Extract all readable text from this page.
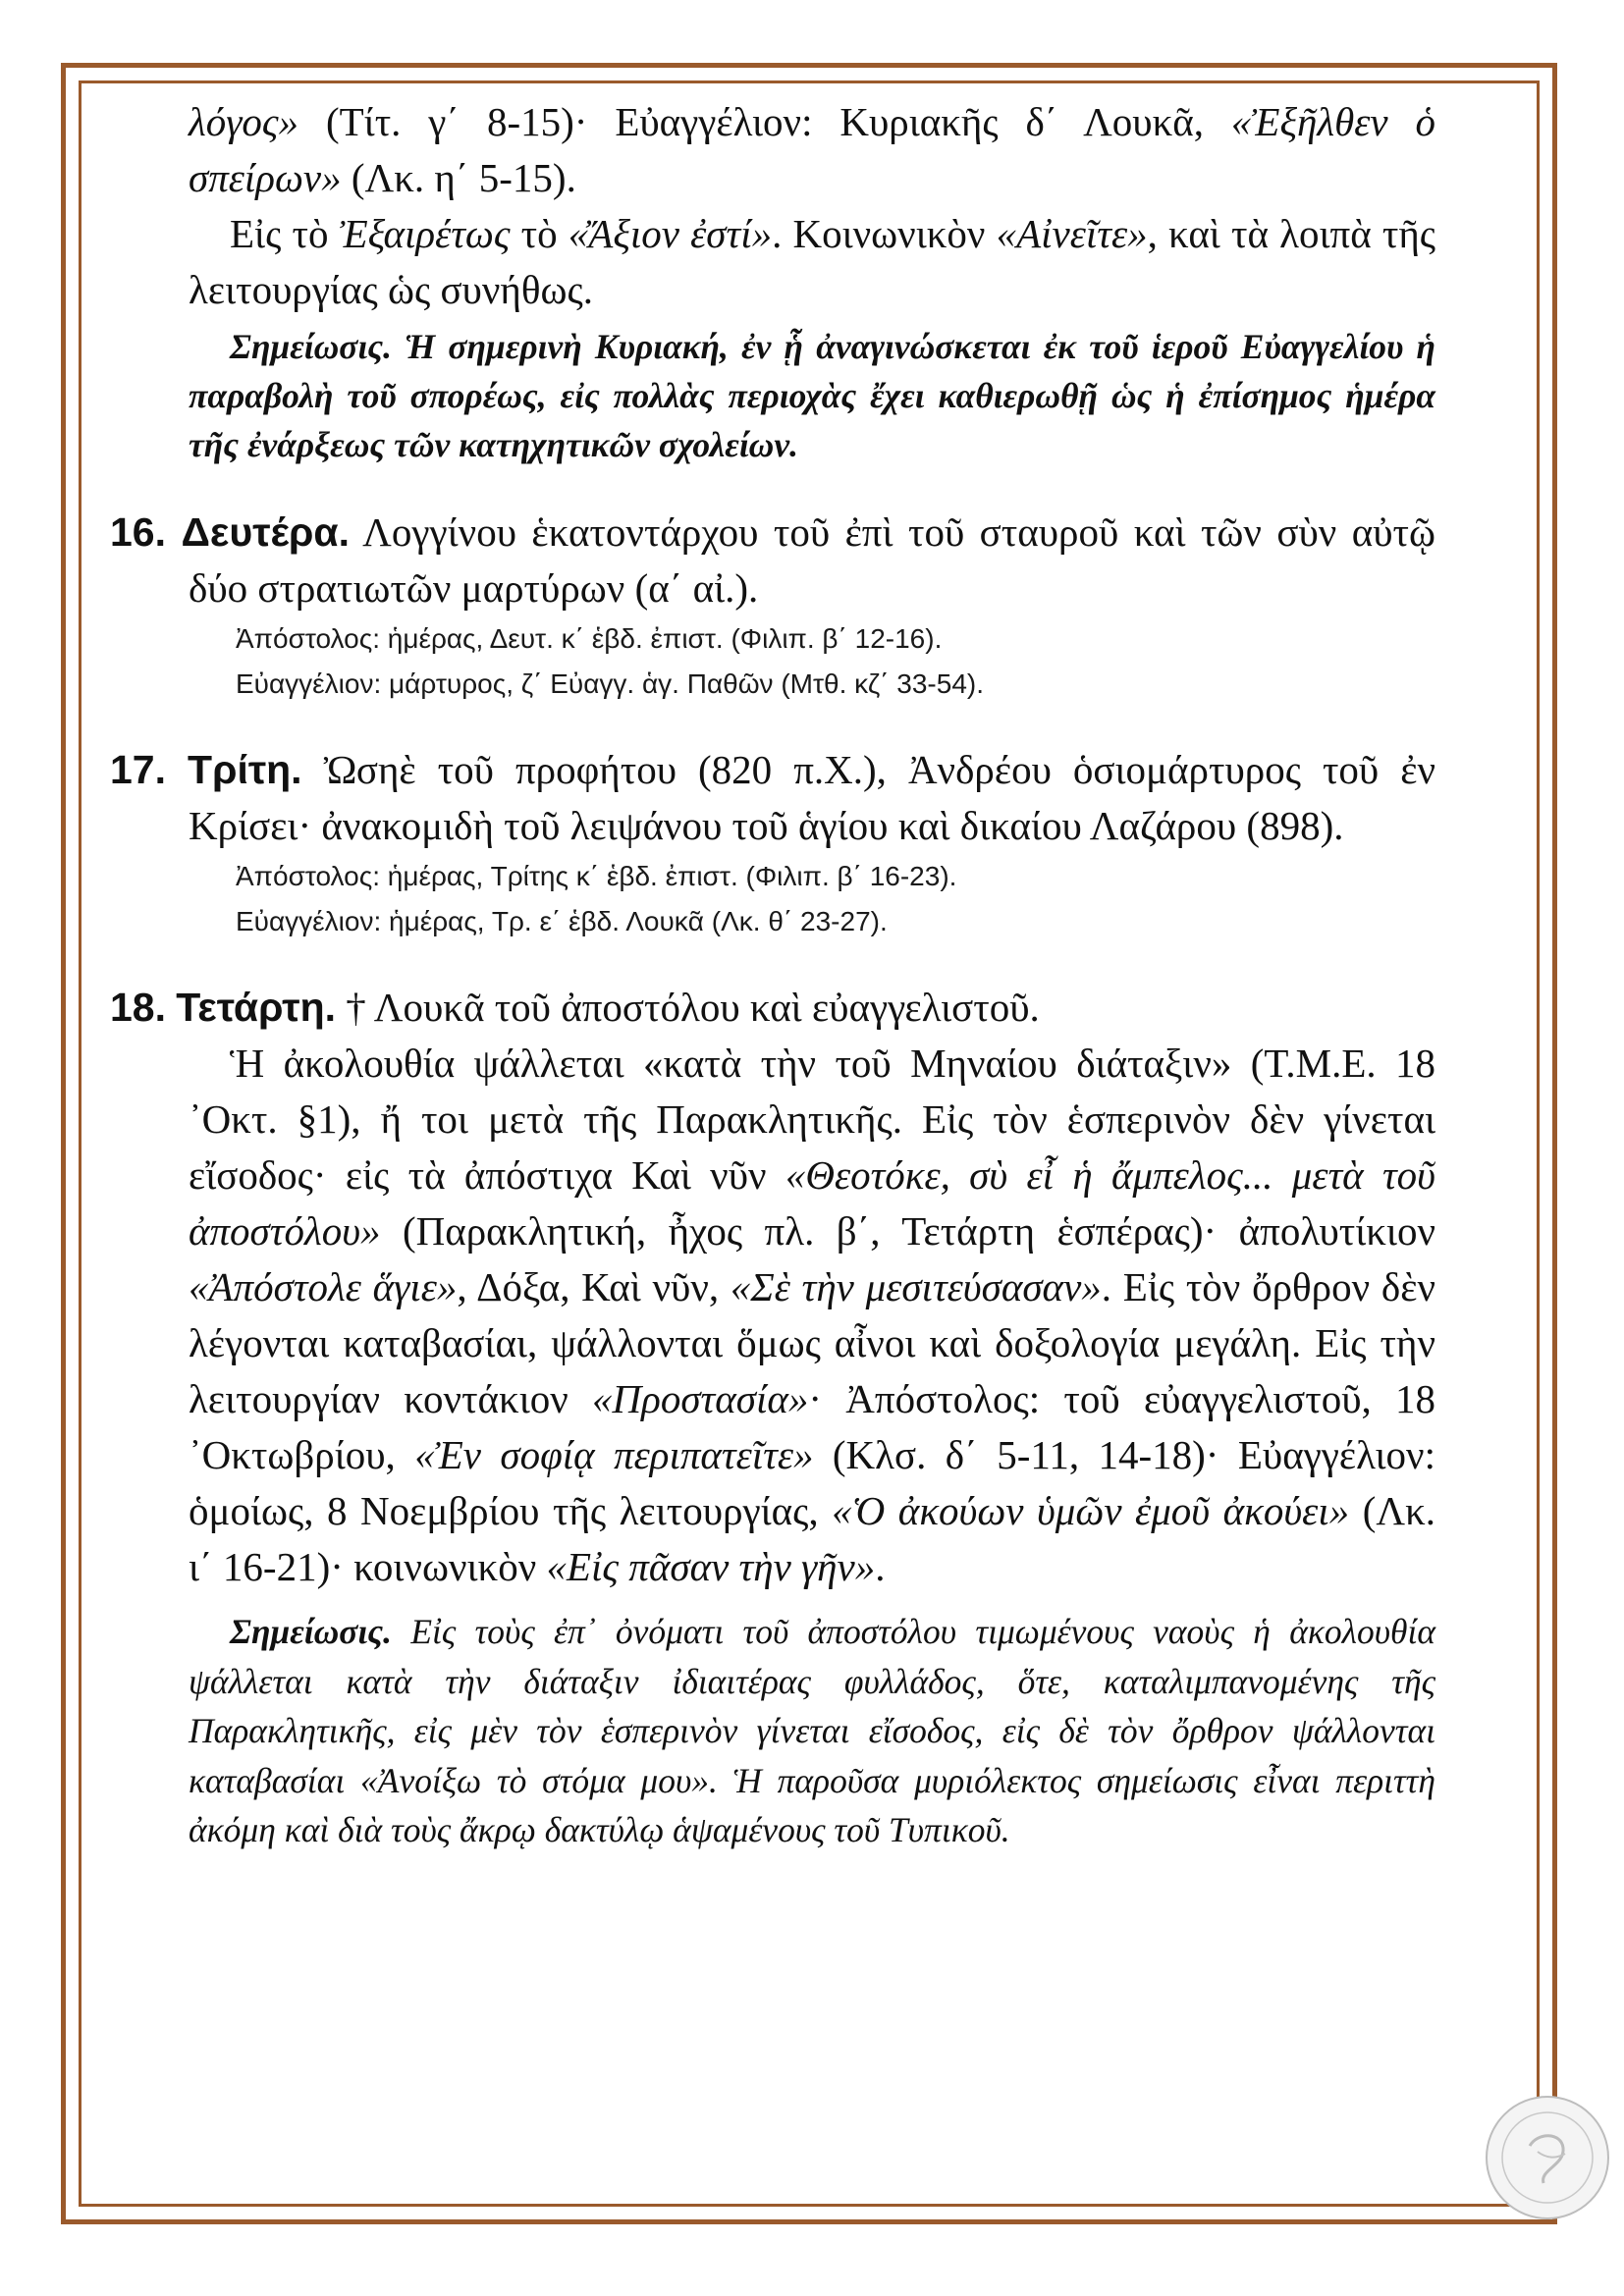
λόγος» (Τίτ. γ΄ 8-15)· Εὐαγγέλιον: Κυριακῆς δ΄ Λουκᾶ, «Ἐξῆλθεν ὁ σπείρων» (Λκ. η΄ 5-15).

Εἰς τὸ Ἐξαιρέτως τὸ «Ἄξιον ἐστί». Κοινωνικὸν «Αἰνεῖτε», καὶ τὰ λοιπὰ τῆς λειτουργίας ὡς συνήθως.

Σημείωσις. Ἡ σημερινὴ Κυριακή, ἐν ᾗ ἀναγινώσκεται ἐκ τοῦ ἱεροῦ Εὐαγγελίου ἡ παραβολὴ τοῦ σπορέως, εἰς πολλὰς περιοχὰς ἔχει καθιερωθῇ ὡς ἡ ἐπίσημος ἡμέρα τῆς ἐνάρξεως τῶν κατηχητικῶν σχολείων.

16. Δευτέρα. Λογγίνου ἑκατοντάρχου τοῦ ἐπὶ τοῦ σταυροῦ καὶ τῶν σὺν αὐτῷ δύο στρατιωτῶν μαρτύρων (α΄ αἰ.).

Ἀπόστολος: ἡμέρας, Δευτ. κ΄ ἑβδ. ἐπιστ. (Φιλιπ. β΄ 12-16).

Εὐαγγέλιον: μάρτυρος, ζ΄ Εὐαγγ. ἁγ. Παθῶν (Μτθ. κζ΄ 33-54).

17. Τρίτη. Ὠσηὲ τοῦ προφήτου (820 π.Χ.), Ἀνδρέου ὁσιομάρτυρος τοῦ ἐν Κρίσει· ἀνακομιδὴ τοῦ λειψάνου τοῦ ἁγίου καὶ δικαίου Λαζάρου (898).

Ἀπόστολος: ἡμέρας, Τρίτης κ΄ ἑβδ. ἐπιστ. (Φιλιπ. β΄ 16-23).

Εὐαγγέλιον: ἡμέρας, Τρ. ε΄ ἑβδ. Λουκᾶ (Λκ. θ΄ 23-27).

18. Τετάρτη. † Λουκᾶ τοῦ ἀποστόλου καὶ εὐαγγελιστοῦ.

Ἡ ἀκολουθία ψάλλεται «κατὰ τὴν τοῦ Μηναίου διάταξιν» (Τ.Μ.Ε. 18 ᾿Οκτ. §1), ἤ τοι μετὰ τῆς Παρακλητικῆς. Εἰς τὸν ἑσπερινὸν δὲν γίνεται εἴσοδος· εἰς τὰ ἀπόστιχα Καὶ νῦν «Θεοτόκε, σὺ εἶ ἡ ἄμπελος... μετὰ τοῦ ἀποστόλου» (Παρακλητική, ἦχος πλ. β΄, Τετάρτη ἑσπέρας)· ἀπολυτίκιον «Ἀπόστολε ἅγιε», Δόξα, Καὶ νῦν, «Σὲ τὴν μεσιτεύσασαν». Εἰς τὸν ὄρθρον δὲν λέγονται καταβασίαι, ψάλλονται ὅμως αἶνοι καὶ δοξολογία μεγάλη. Εἰς τὴν λειτουργίαν κοντάκιον «Προστασία»· Ἀπόστολος: τοῦ εὐαγγελιστοῦ, 18 ᾿Οκτωβρίου, «Ἐν σοφίᾳ περιπατεῖτε» (Κλσ. δ΄ 5-11, 14-18)· Εὐαγγέλιον: ὁμοίως, 8 Νοεμβρίου τῆς λειτουργίας, «Ὁ ἀκούων ὑμῶν ἐμοῦ ἀκούει» (Λκ. ι΄ 16-21)· κοινωνικὸν «Εἰς πᾶσαν τὴν γῆν».

Σημείωσις. Εἰς τοὺς ἐπ᾿ ὀνόματι τοῦ ἀποστόλου τιμωμένους ναοὺς ἡ ἀκολουθία ψάλλεται κατὰ τὴν διάταξιν ἰδιαιτέρας φυλλάδος, ὅτε, καταλιμπανομένης τῆς Παρακλητικῆς, εἰς μὲν τὸν ἑσπερινὸν γίνεται εἴσοδος, εἰς δὲ τὸν ὄρθρον ψάλλονται καταβασίαι «Ἀνοίξω τὸ στόμα μου». Ἡ παροῦσα μυριόλεκτος σημείωσις εἶναι περιττὴ ἀκόμη καὶ διὰ τοὺς ἄκρῳ δακτύλῳ ἁψαμένους τοῦ Τυπικοῦ.
